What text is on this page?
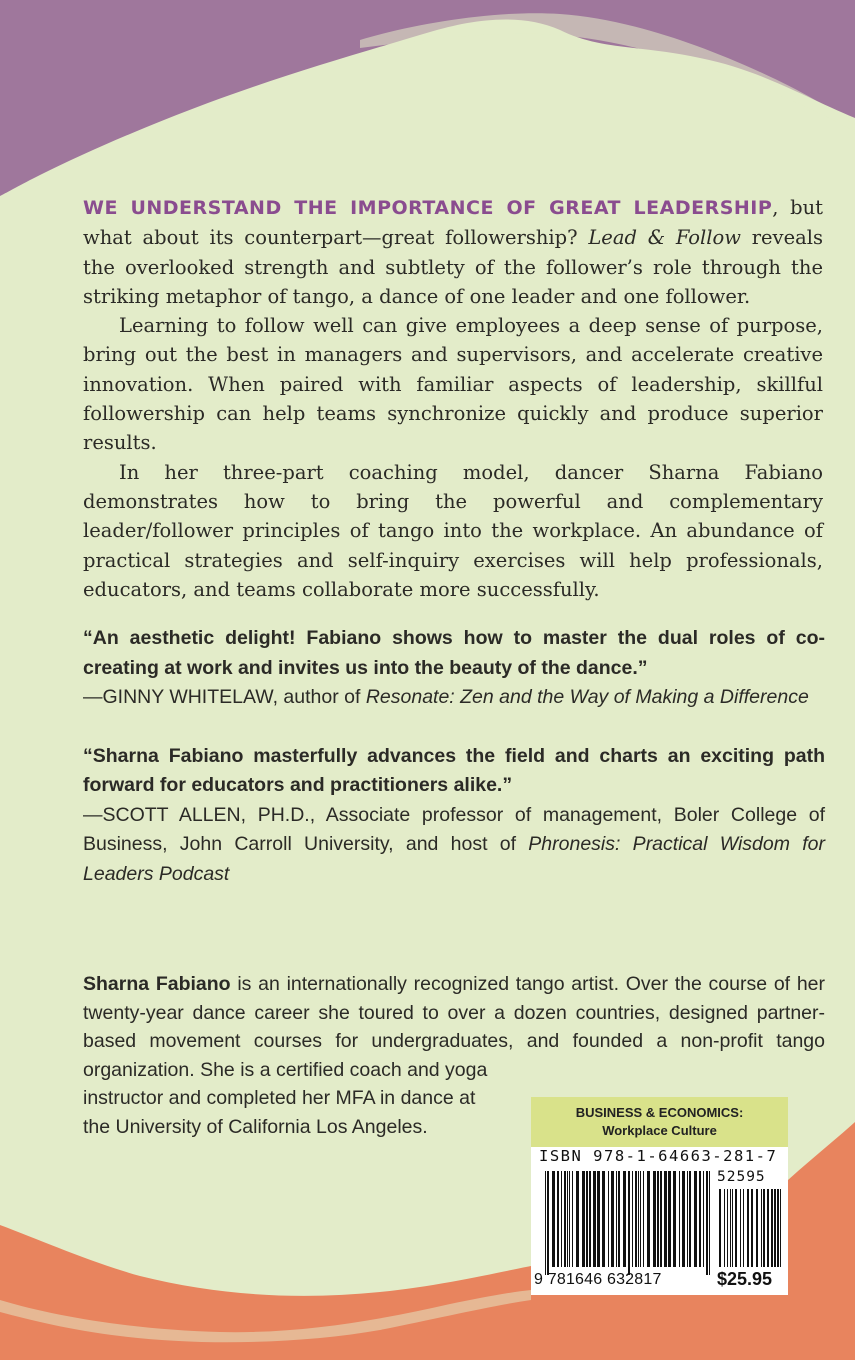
WE UNDERSTAND THE IMPORTANCE OF GREAT LEADERSHIP, but what about its counterpart—great followership? Lead & Follow reveals the overlooked strength and subtlety of the follower’s role through the striking metaphor of tango, a dance of one leader and one follower.

Learning to follow well can give employees a deep sense of purpose, bring out the best in managers and supervisors, and accelerate creative innovation. When paired with familiar aspects of leadership, skillful followership can help teams synchronize quickly and produce superior results.

In her three-part coaching model, dancer Sharna Fabiano demonstrates how to bring the powerful and complementary leader/follower principles of tango into the workplace. An abundance of practical strategies and self-inquiry exercises will help professionals, educators, and teams collaborate more successfully.

“An aesthetic delight! Fabiano shows how to master the dual roles of co-creating at work and invites us into the beauty of the dance.”
—GINNY WHITELAW, author of Resonate: Zen and the Way of Making a Difference
“Sharna Fabiano masterfully advances the field and charts an exciting path forward for educators and practitioners alike.”
—SCOTT ALLEN, PH.D., Associate professor of management, Boler College of Business, John Carroll University, and host of Phronesis: Practical Wisdom for Leaders Podcast
Sharna Fabiano is an internationally recognized tango artist. Over the course of her
twenty-year dance career she toured to over a dozen countries, designed partner-
based movement courses for undergraduates, and founded a non-profit tango
organization. She is a certified coach and yoga
instructor and completed her MFA in dance at
the University of California Los Angeles.
BUSINESS & ECONOMICS:
Workplace Culture
ISBN 978-1-64663-281-7
52595
9 781646 632817	$25.95
